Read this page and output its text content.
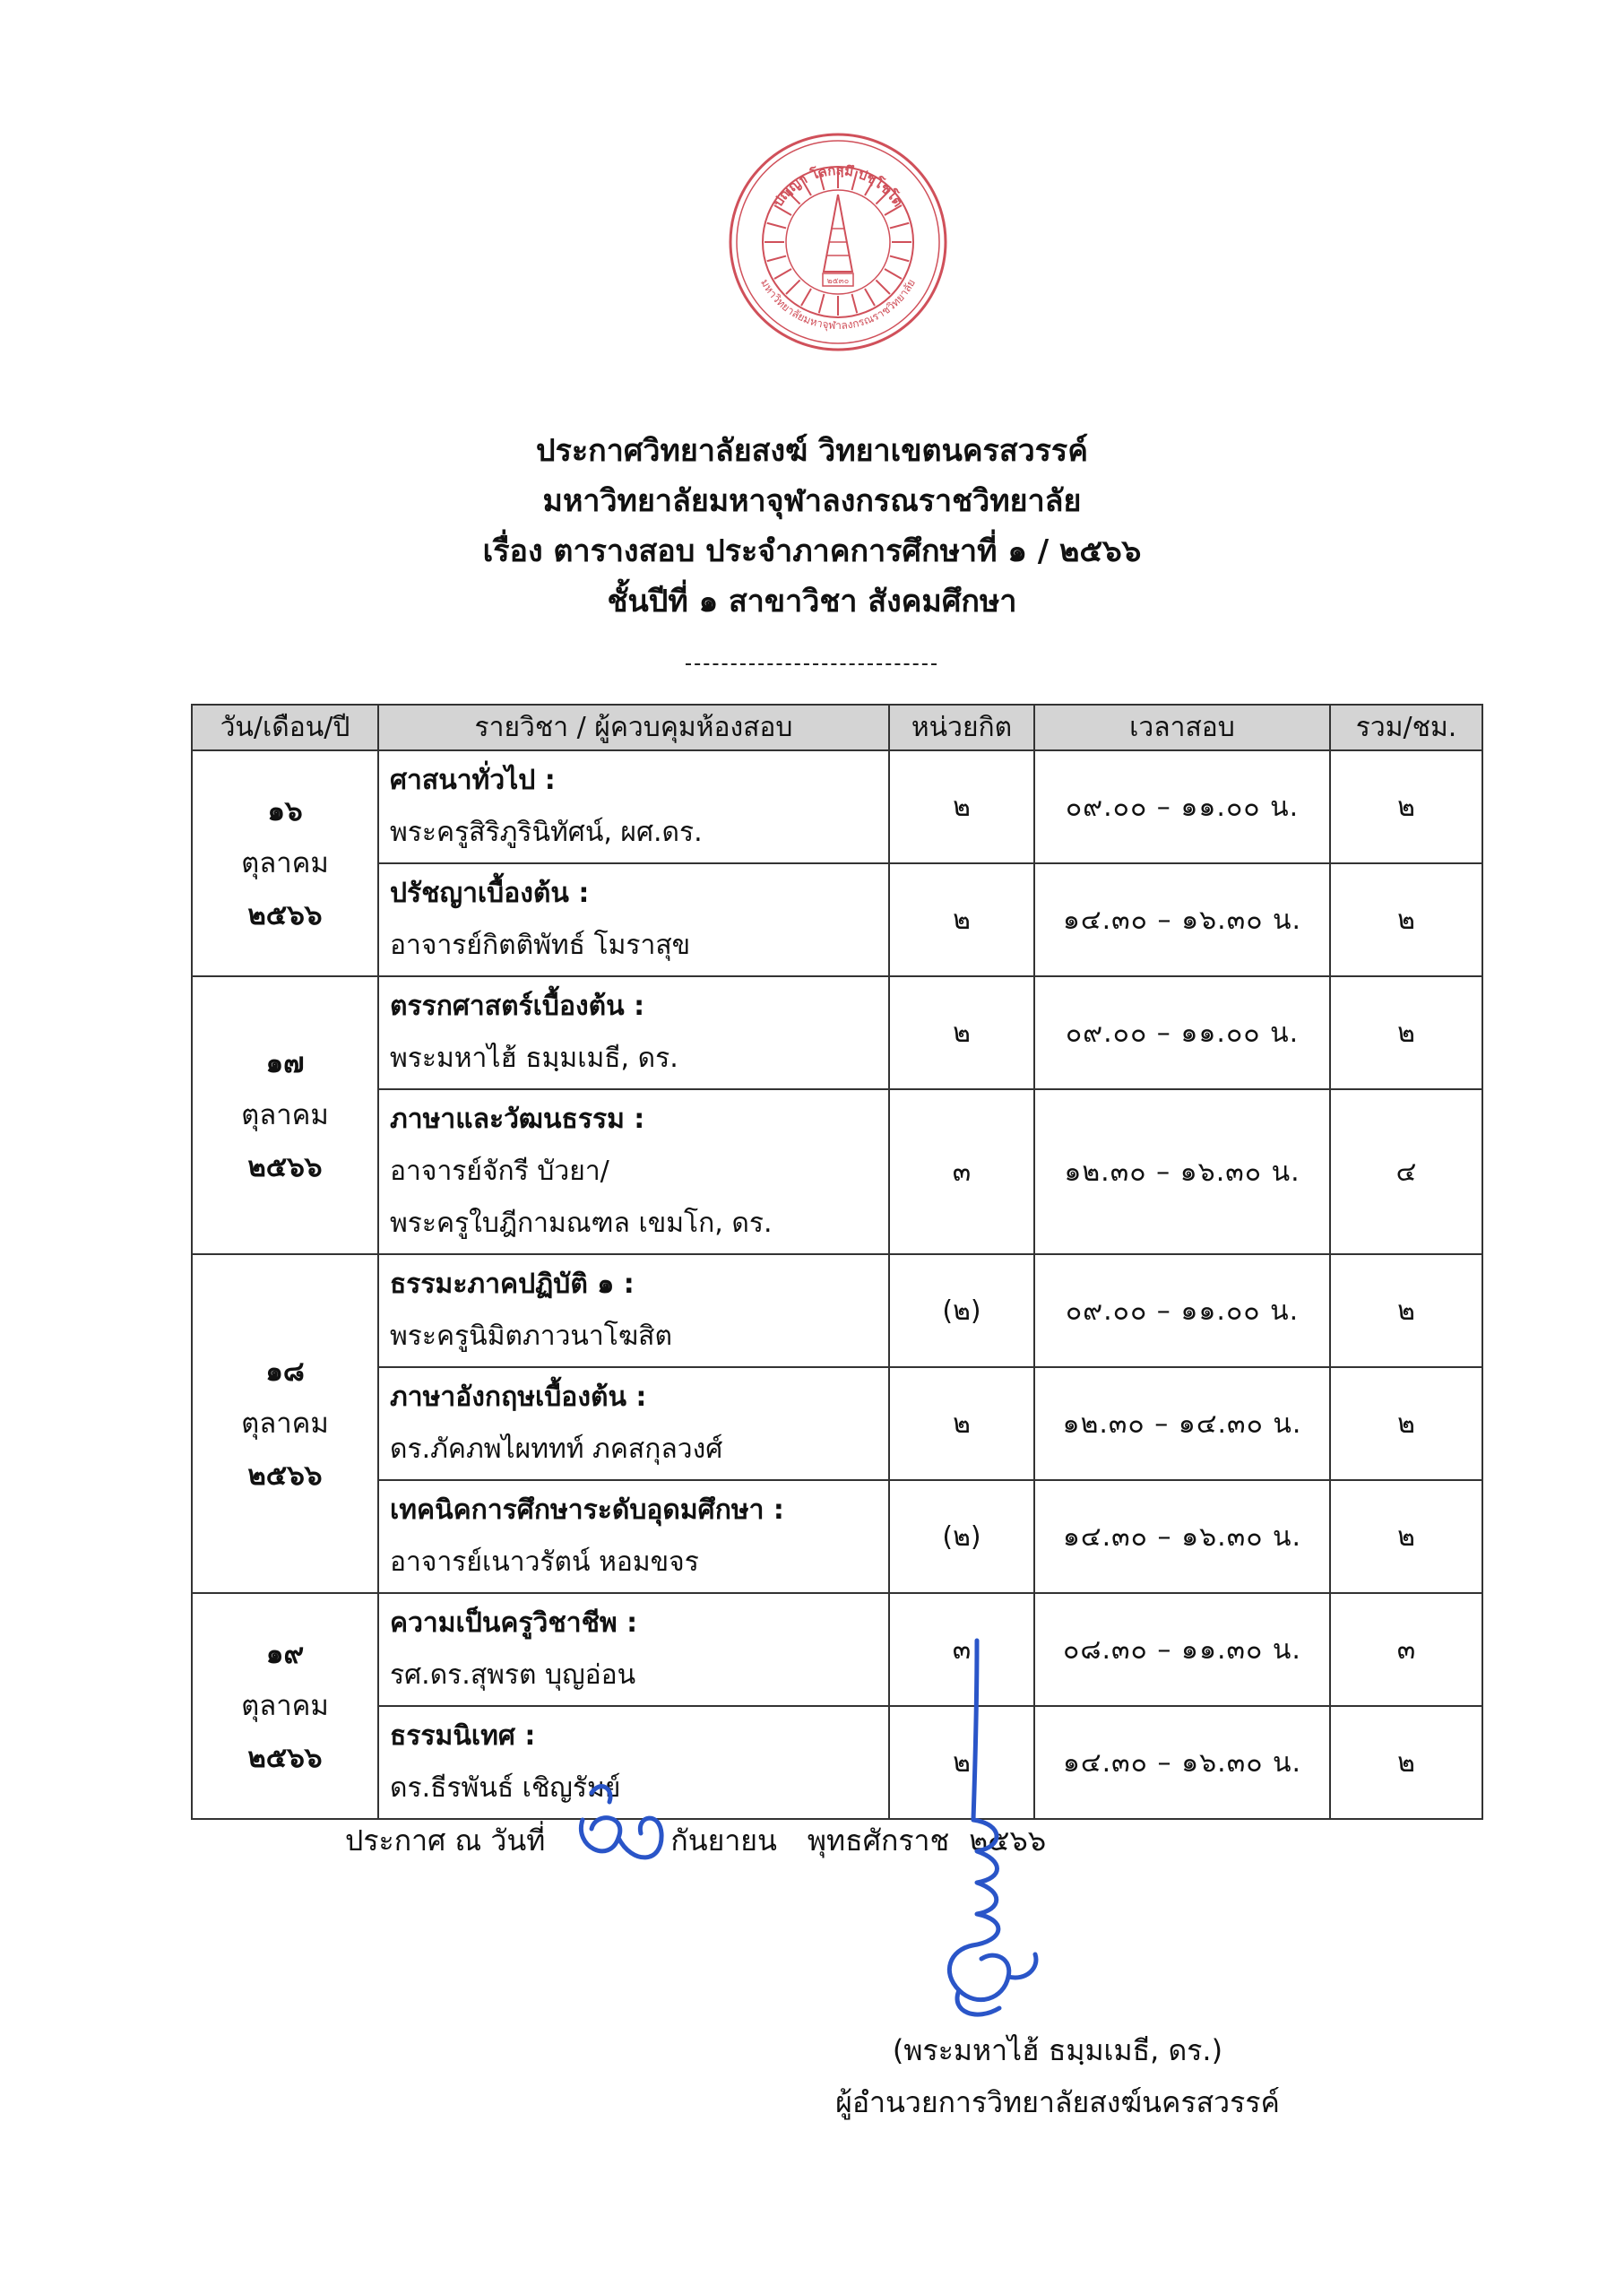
ปญฺญา โลกสฺมึ ปชฺโชโต
มหาวิทยาลัยมหาจุฬาลงกรณราชวิทยาลัย
๒๕๓๐
ประกาศวิทยาลัยสงฆ์ วิทยาเขตนครสวรรค์
มหาวิทยาลัยมหาจุฬาลงกรณราชวิทยาลัย
เรื่อง ตารางสอบ ประจำภาคการศึกษาที่ ๑ / ๒๕๖๖
ชั้นปีที่ ๑ สาขาวิชา สังคมศึกษา
วัน/เดือน/ปี	รายวิชา / ผู้ควบคุมห้องสอบ	หน่วยกิต	เวลาสอบ	รวม/ชม.

๑๖
ตุลาคม
๒๕๖๖	ศาสนาทั่วไป :
พระครูสิริภูรินิทัศน์, ผศ.ดร.	๒	๐๙.๐๐ – ๑๑.๐๐ น.	๒

	ปรัชญาเบื้องต้น :
อาจารย์กิตติพัทธ์ โมราสุข	๒	๑๔.๓๐ – ๑๖.๓๐ น.	๒

๑๗
ตุลาคม
๒๕๖๖	ตรรกศาสตร์เบื้องต้น :
พระมหาไฮ้ ธมฺมเมธี, ดร.	๒	๐๙.๐๐ – ๑๑.๐๐ น.	๒

	ภาษาและวัฒนธรรม :
อาจารย์จักรี บัวยา/
พระครูใบฎีกามณฑล เขมโก, ดร.	๓	๑๒.๓๐ – ๑๖.๓๐ น.	๔

๑๘
ตุลาคม
๒๕๖๖	ธรรมะภาคปฏิบัติ ๑ :
พระครูนิมิตภาวนาโฆสิต	(๒)	๐๙.๐๐ – ๑๑.๐๐ น.	๒

	ภาษาอังกฤษเบื้องต้น :
ดร.ภัคภพไผททท์ ภคสกุลวงศ์	๒	๑๒.๓๐ – ๑๔.๓๐ น.	๒

	เทคนิคการศึกษาระดับอุดมศึกษา :
อาจารย์เนาวรัตน์ หอมขจร	(๒)	๑๔.๓๐ – ๑๖.๓๐ น.	๒

๑๙
ตุลาคม
๒๕๖๖	ความเป็นครูวิชาชีพ :
รศ.ดร.สุพรต บุญอ่อน	๓	๐๘.๓๐ – ๑๑.๓๐ น.	๓

	ธรรมนิเทศ :
ดร.ธีรพันธ์ เชิญรัมย์	๒	๑๔.๓๐ – ๑๖.๓๐ น.	๒
ประกาศ ณ วันที่	กันยายน พุทธศักราช ๒๕๖๖
(พระมหาไฮ้ ธมฺมเมธี, ดร.)
ผู้อำนวยการวิทยาลัยสงฆ์นครสวรรค์
